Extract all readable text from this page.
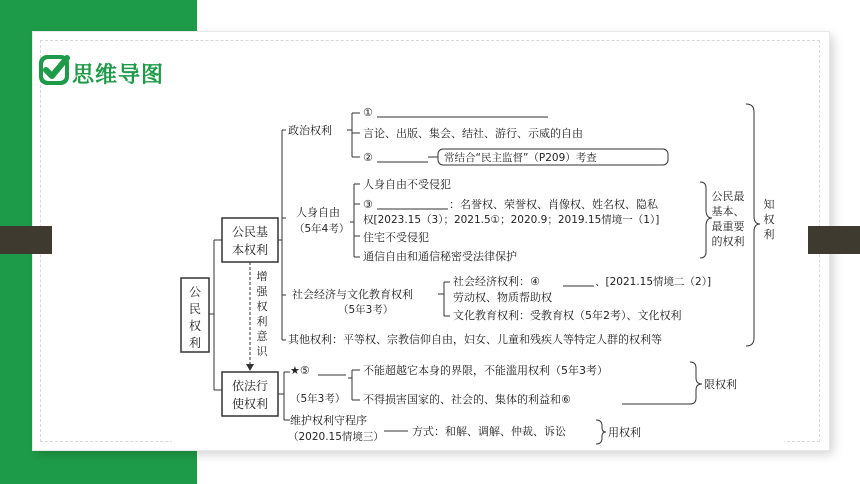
思维导图
公
民
权
利
公民基
本权利
依法行
使权利
增
强
权
利
意
识
政治权利
①
言论、出版、集会、结社、游行、示威的自由
②	常结合“民主监督”（P209）考查
人身自由
（5年4考）
人身自由不受侵犯
③	：名誉权、荣誉权、肖像权、姓名权、隐私
权[2023.15（3）；2021.5①；2020.9；2019.15情境一（1）]
住宅不受侵犯
通信自由和通信秘密受法律保护
公民最
基本、
最重要
的权利
知
权
利
社会经济与文化教育权利
（5年3考）
社会经济权利：④	、[2021.15情境二（2）]
劳动权、物质帮助权
文化教育权利：受教育权（5年2考）、文化权利
其他权利：平等权、宗教信仰自由，妇女、儿童和残疾人等特定人群的权利等
★⑤
（5年3考）
不能超越它本身的界限，不能滥用权利（5年3考）
不得损害国家的、社会的、集体的利益和⑥
限权利
维护权利守程序
（2020.15情境三）	方式：和解、调解、仲裁、诉讼	用权利
